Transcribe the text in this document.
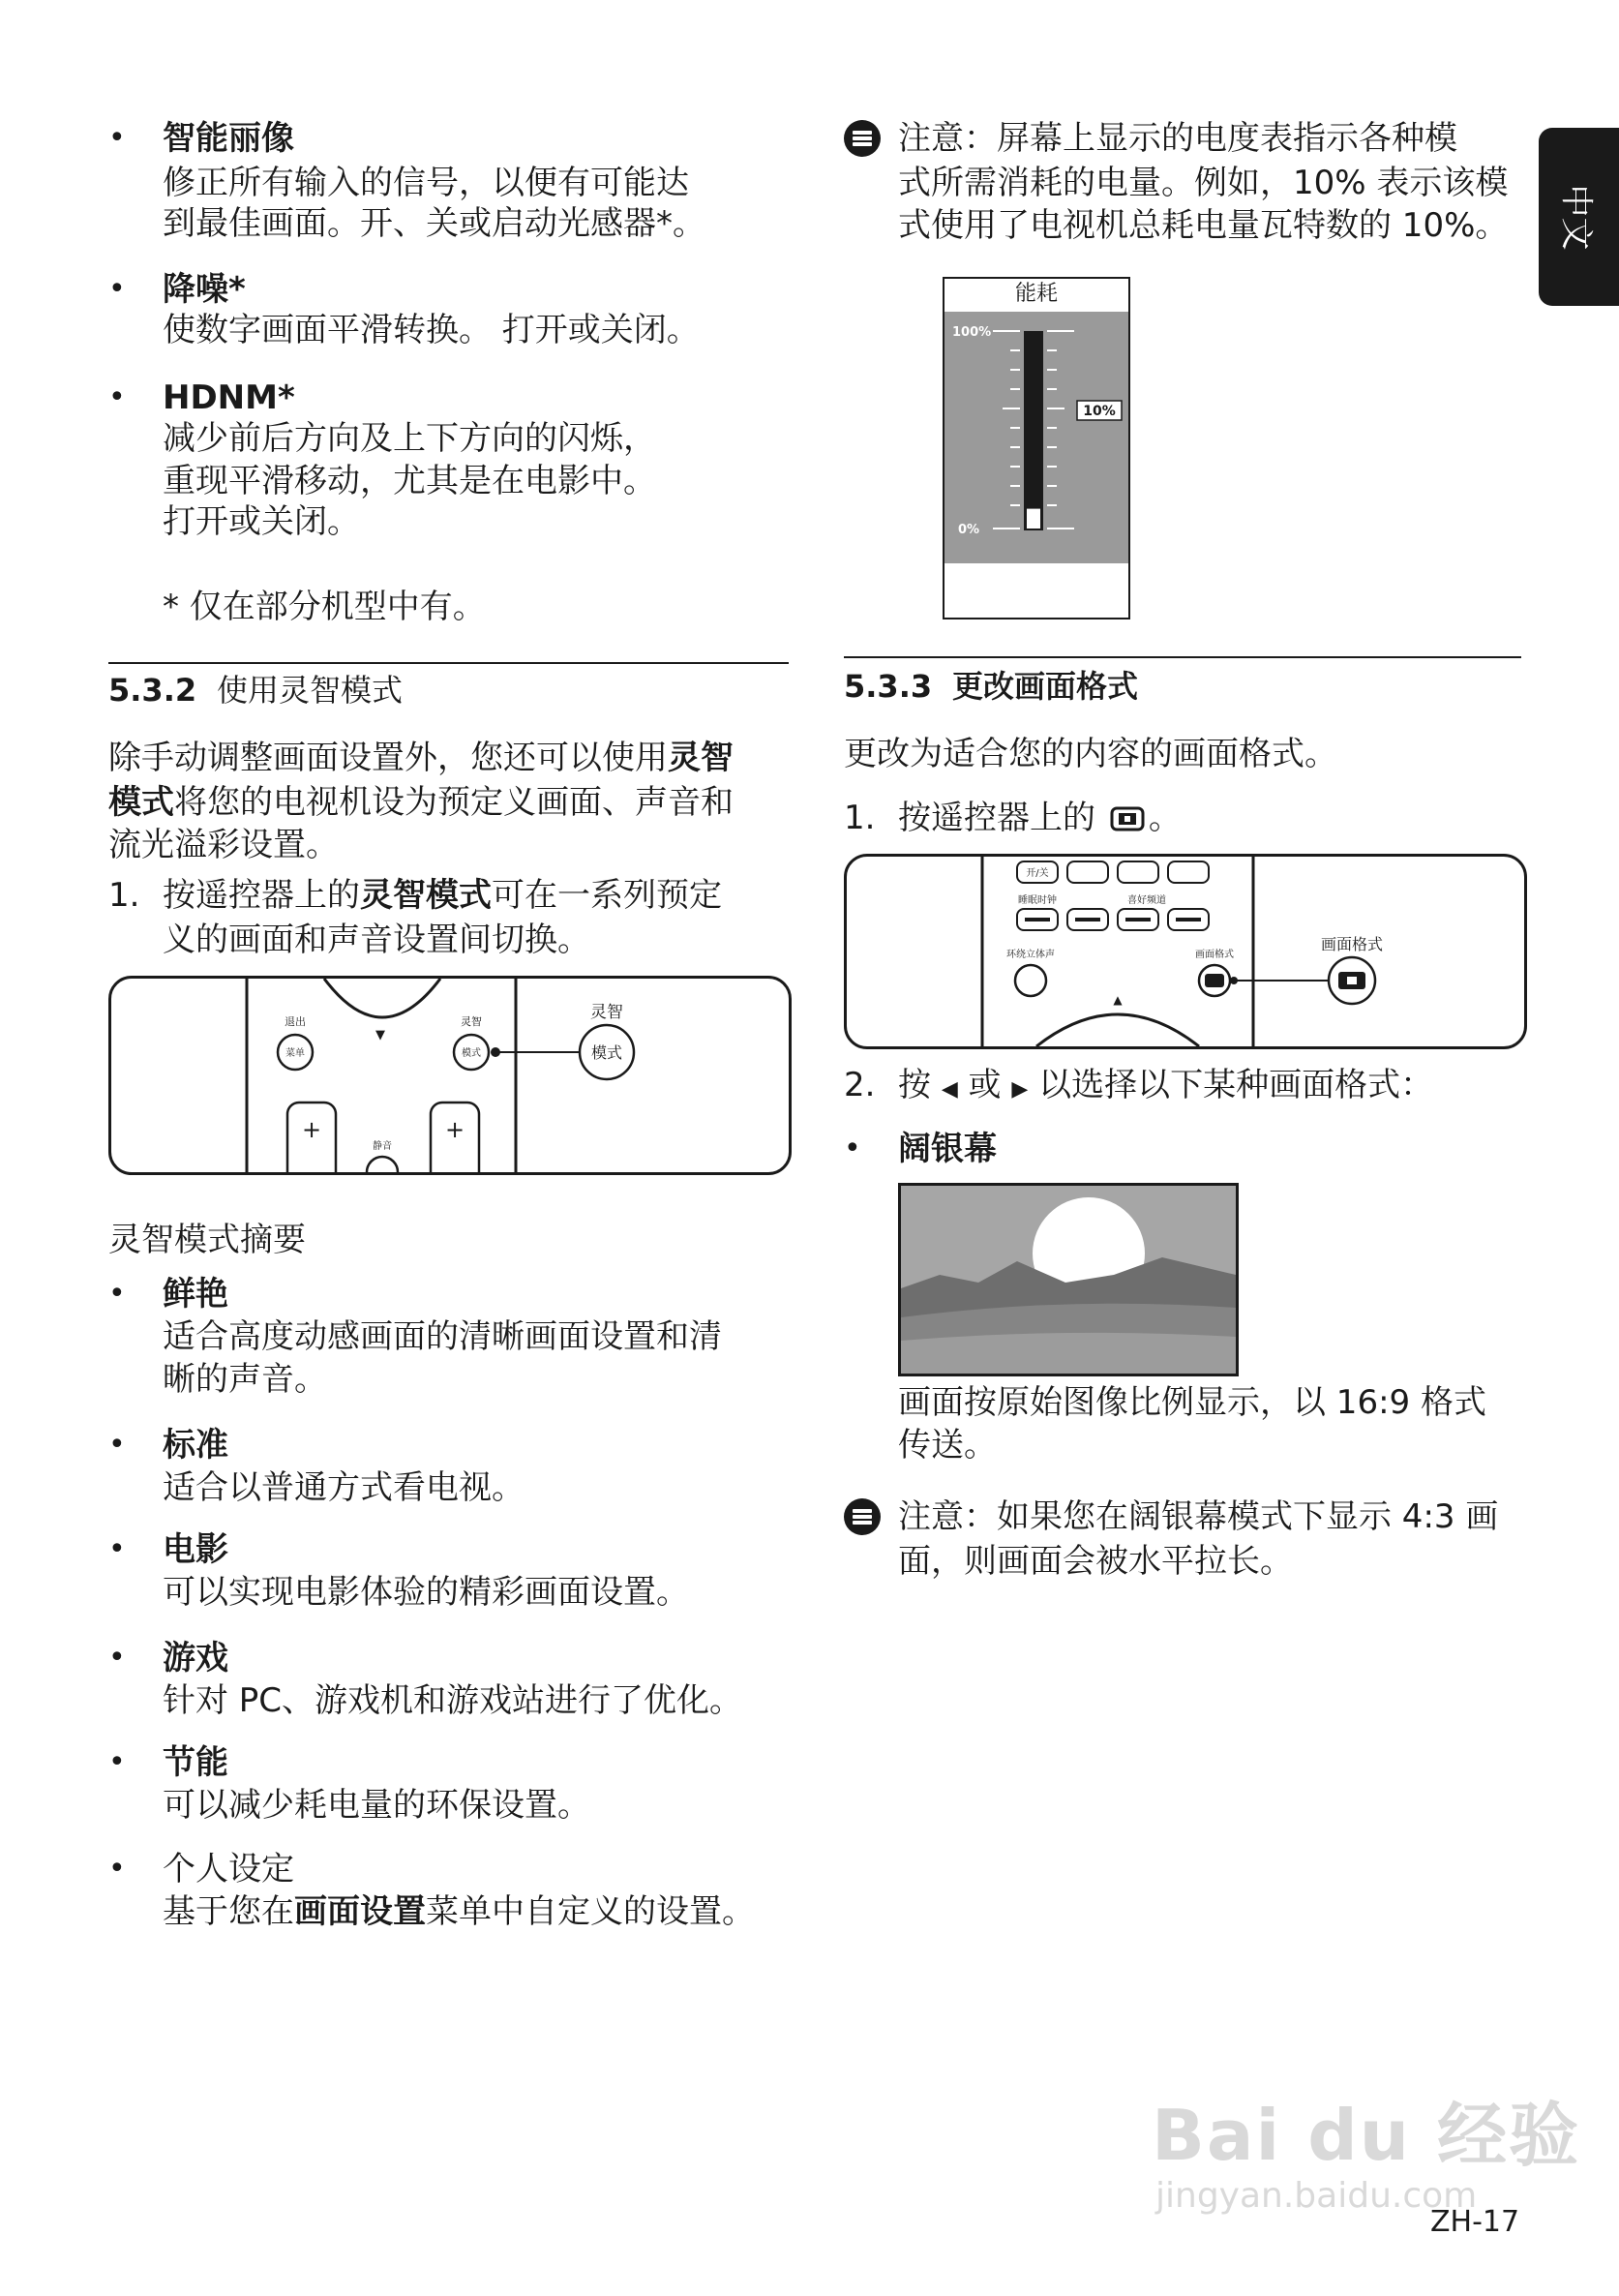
中文
• 智能丽像
修正所有输入的信号，以便有可能达
到最佳画面。开、关或启动光感器*。
• 降噪*
使数字画面平滑转换。 打开或关闭。
• HDNM*
减少前后方向及上下方向的闪烁，
重现平滑移动，尤其是在电影中。
打开或关闭。
* 仅在部分机型中有。
5.3.2 使用灵智模式
除手动调整画面设置外，您还可以使用灵智
模式将您的电视机设为预定义画面、声音和
流光溢彩设置。
1. 按遥控器上的灵智模式可在一系列预定
义的画面和声音设置间切换。
▼
退出
菜单
灵智
模式
灵智
模式
+	+
静音
灵智模式摘要
• 鲜艳
适合高度动感画面的清晰画面设置和清
晰的声音。
• 标准
适合以普通方式看电视。
• 电影
可以实现电影体验的精彩画面设置。
• 游戏
针对 PC、游戏机和游戏站进行了优化。
• 节能
可以减少耗电量的环保设置。
• 个人设定
基于您在画面设置菜单中自定义的设置。
注意：屏幕上显示的电度表指示各种模
式所需消耗的电量。例如，10% 表示该模
式使用了电视机总耗电量瓦特数的 10%。
能耗
100%
0%
10%
5.3.3 更改画面格式
更改为适合您的内容的画面格式。
1. 按遥控器上的 。
开/关
睡眠时钟	喜好频道
环绕立体声	画面格式
画面格式
▲
2. 按 ◀ 或 ▶ 以选择以下某种画面格式：
• 阔银幕
画面按原始图像比例显示，以 16:9 格式
传送。
注意：如果您在阔银幕模式下显示 4:3 画
面，则画面会被水平拉长。
Bai du 经验
jingyan.baidu.com
ZH-17
